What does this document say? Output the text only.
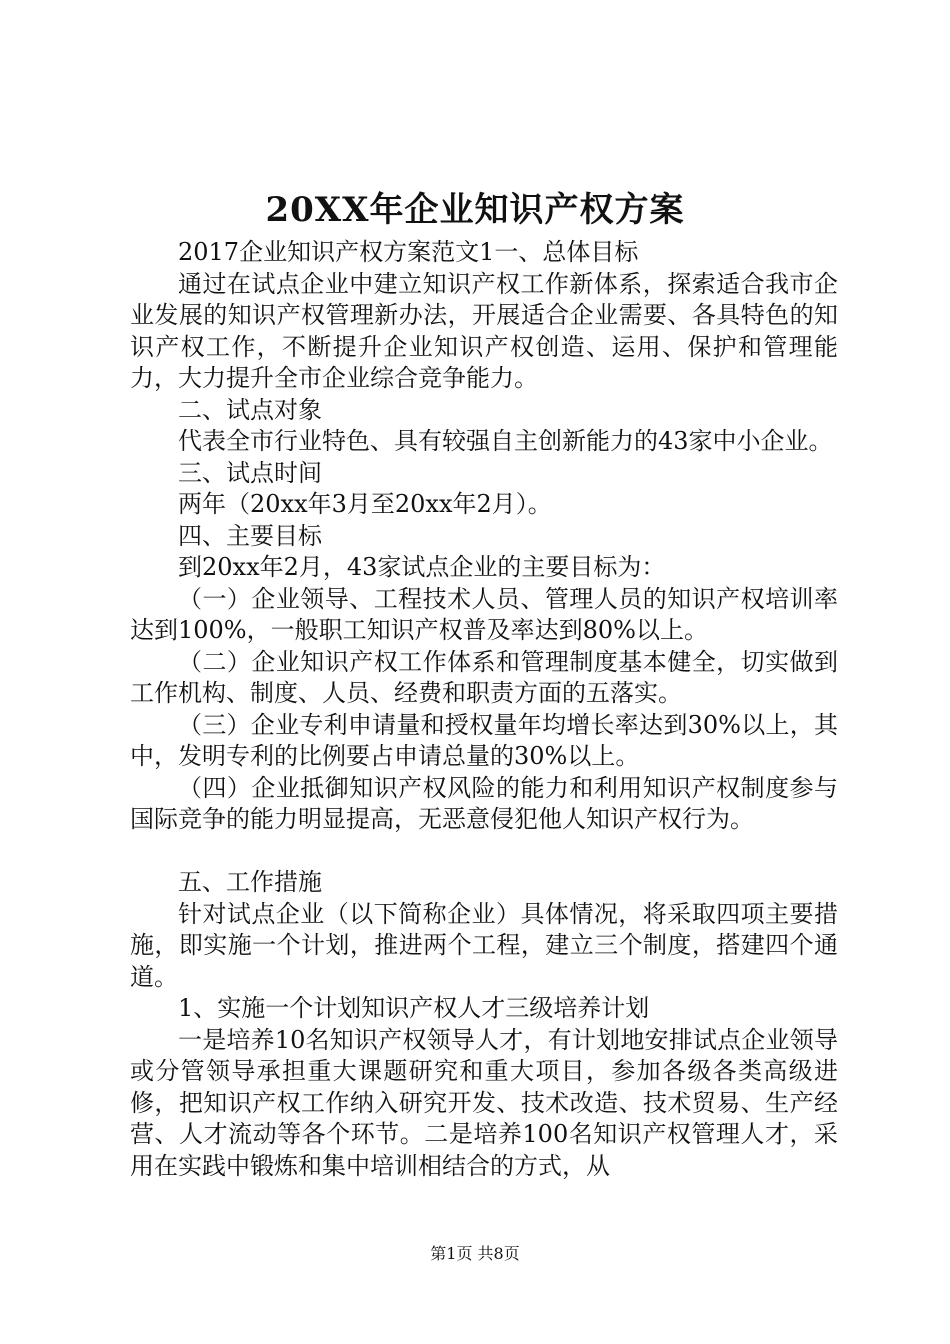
20XX年企业知识产权方案

2017企业知识产权方案范文1一、总体目标

通过在试点企业中建立知识产权工作新体系，探索适合我市企业发展的知识产权管理新办法，开展适合企业需要、各具特色的知识产权工作，不断提升企业知识产权创造、运用、保护和管理能力，大力提升全市企业综合竞争能力。

二、试点对象

代表全市行业特色、具有较强自主创新能力的43家中小企业。

三、试点时间

两年（20xx年3月至20xx年2月）。

四、主要目标

到20xx年2月，43家试点企业的主要目标为：

（一）企业领导、工程技术人员、管理人员的知识产权培训率达到100%，一般职工知识产权普及率达到80%以上。

（二）企业知识产权工作体系和管理制度基本健全，切实做到工作机构、制度、人员、经费和职责方面的五落实。

（三）企业专利申请量和授权量年均增长率达到30%以上，其中，发明专利的比例要占申请总量的30%以上。

（四）企业抵御知识产权风险的能力和利用知识产权制度参与国际竞争的能力明显提高，无恶意侵犯他人知识产权行为。

五、工作措施

针对试点企业（以下简称企业）具体情况，将采取四项主要措施，即实施一个计划，推进两个工程，建立三个制度，搭建四个通道。

1、实施一个计划知识产权人才三级培养计划

一是培养10名知识产权领导人才，有计划地安排试点企业领导或分管领导承担重大课题研究和重大项目，参加各级各类高级进修，把知识产权工作纳入研究开发、技术改造、技术贸易、生产经营、人才流动等各个环节。二是培养100名知识产权管理人才，采用在实践中锻炼和集中培训相结合的方式，从

第1页 共8页
